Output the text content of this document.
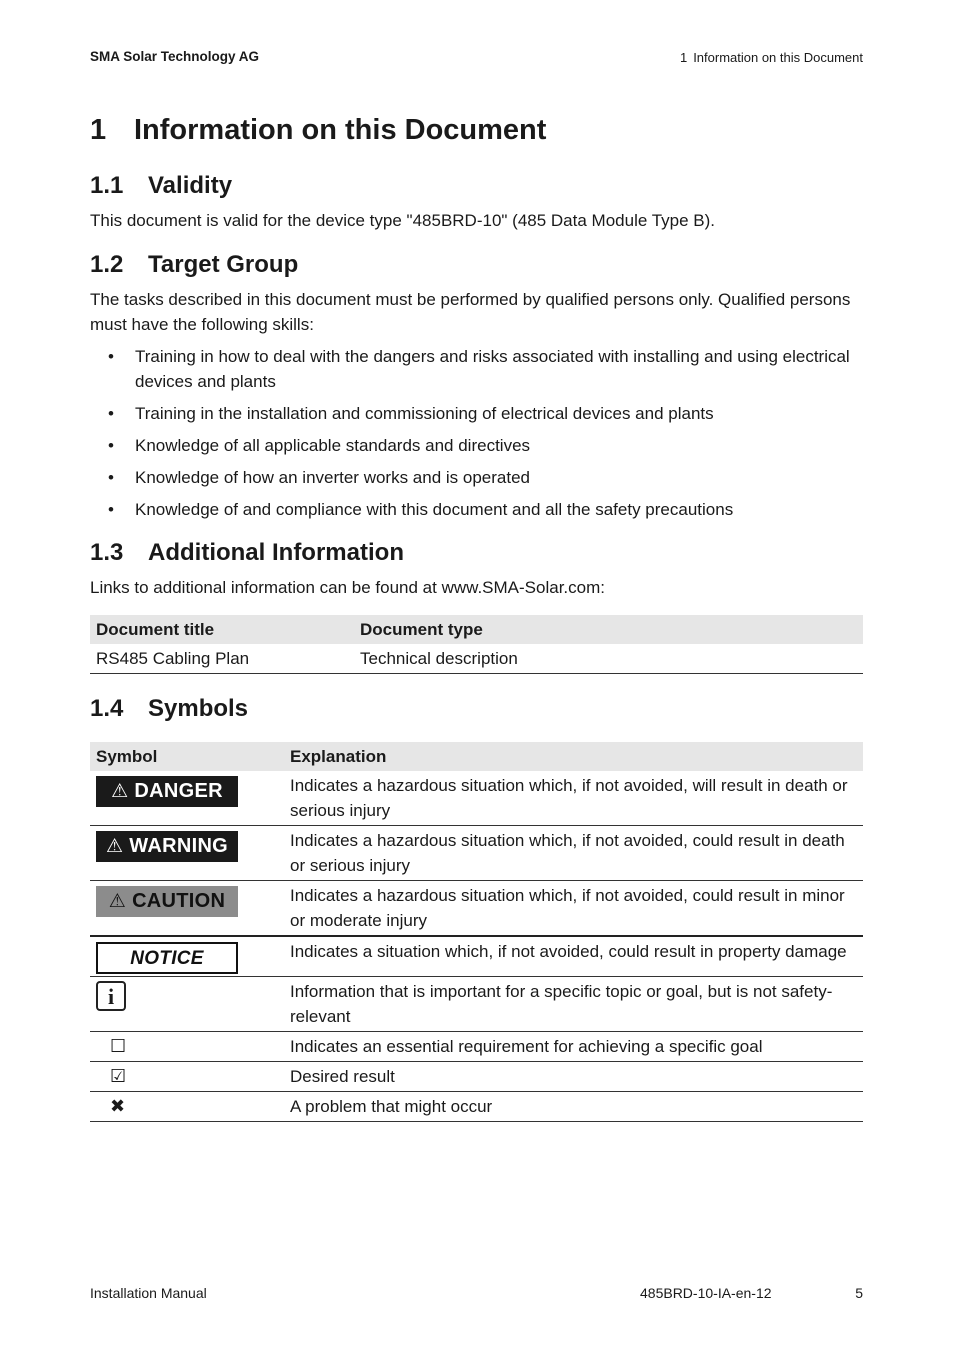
SMA Solar Technology AG	1 Information on this Document
1 Information on this Document
1.1 Validity

This document is valid for the device type "485BRD-10" (485 Data Module Type B).

1.2 Target Group

The tasks described in this document must be performed by qualified persons only. Qualified persons must have the following skills:

• Training in how to deal with the dangers and risks associated with installing and using electrical devices and plants
• Training in the installation and commissioning of electrical devices and plants
• Knowledge of all applicable standards and directives
• Knowledge of how an inverter works and is operated
• Knowledge of and compliance with this document and all the safety precautions
1.3 Additional Information

Links to additional information can be found at www.SMA-Solar.com:

Document title	Document type
RS485 Cabling Plan	Technical description
1.4 Symbols
Symbol	Explanation

⚠ DANGER	Indicates a hazardous situation which, if not avoided, will result in death or serious injury

⚠ WARNING	Indicates a hazardous situation which, if not avoided, could result in death or serious injury

⚠ CAUTION	Indicates a hazardous situation which, if not avoided, could result in minor or moderate injury
NOTICE	Indicates a situation which, if not avoided, could result in property damage
i	Information that is important for a specific topic or goal, but is not safety-relevant
☐	Indicates an essential requirement for achieving a specific goal
☑	Desired result
✖	A problem that might occur
Installation Manual	485BRD-10-IA-en-12	5
